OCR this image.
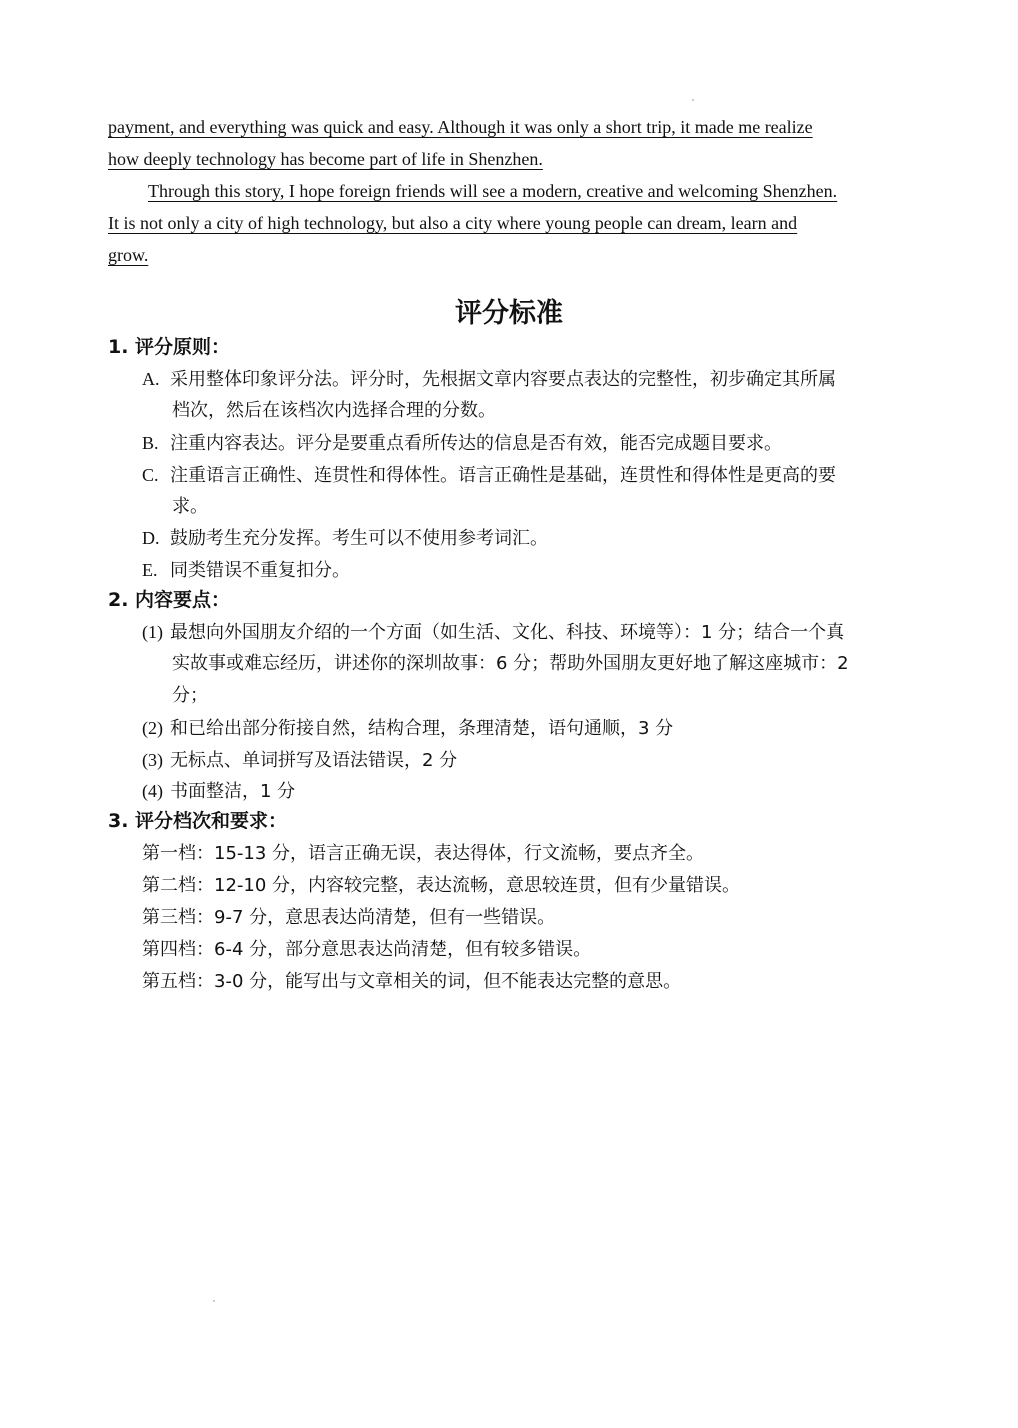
payment, and everything was quick and easy. Although it was only a short trip, it made me realize
how deeply technology has become part of life in Shenzhen.
Through this story, I hope foreign friends will see a modern, creative and welcoming Shenzhen.
It is not only a city of high technology, but also a city where young people can dream, learn and
grow.
评分标准
1. 评分原则：
A. 采用整体印象评分法。评分时，先根据文章内容要点表达的完整性，初步确定其所属
档次，然后在该档次内选择合理的分数。
B. 注重内容表达。评分是要重点看所传达的信息是否有效，能否完成题目要求。
C. 注重语言正确性、连贯性和得体性。语言正确性是基础，连贯性和得体性是更高的要
求。
D. 鼓励考生充分发挥。考生可以不使用参考词汇。
E. 同类错误不重复扣分。
2. 内容要点：
(1) 最想向外国朋友介绍的一个方面（如生活、文化、科技、环境等）：1 分；结合一个真
实故事或难忘经历，讲述你的深圳故事：6 分；帮助外国朋友更好地了解这座城市：2
分；
(2) 和已给出部分衔接自然，结构合理，条理清楚，语句通顺，3 分
(3) 无标点、单词拼写及语法错误，2 分
(4) 书面整洁，1 分
3. 评分档次和要求：
第一档：15-13 分，语言正确无误，表达得体，行文流畅，要点齐全。
第二档：12-10 分，内容较完整，表达流畅，意思较连贯，但有少量错误。
第三档：9-7 分，意思表达尚清楚，但有一些错误。
第四档：6-4 分，部分意思表达尚清楚，但有较多错误。
第五档：3-0 分，能写出与文章相关的词，但不能表达完整的意思。
